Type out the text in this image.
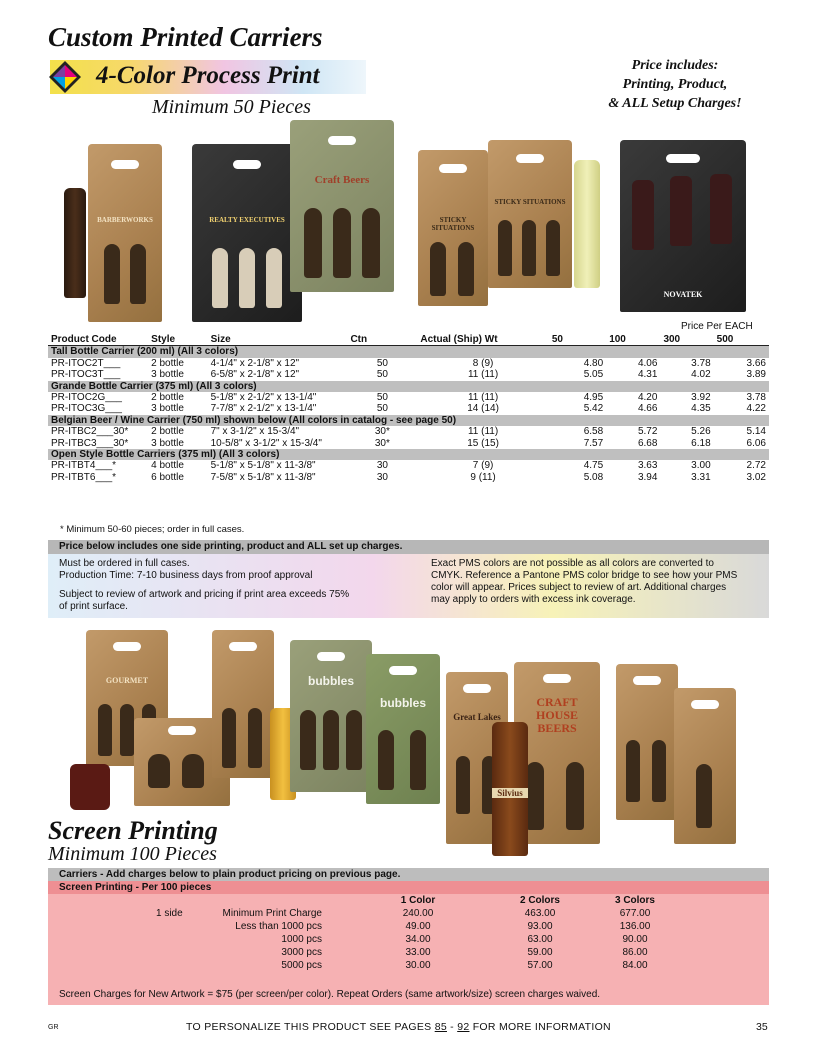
Custom Printed Carriers
4-Color Process Print
Minimum 50 Pieces
Price includes:
Printing, Product,
& ALL Setup Charges!
BARBERWORKS	REALTY EXECUTIVES
Craft Beers
STICKY SITUATIONS
STICKY SITUATIONS
NOVATEK
Price Per EACH
Product Code	Style	Size	Ctn	Actual (Ship) Wt	50	100	300	500
Tall Bottle Carrier (200 ml) (All 3 colors)								
PR-ITOC2T___	2 bottle	4-1/4" x 2-1/8" x 12"	50	8 (9)	4.80	4.06	3.78	3.66
PR-ITOC3T___	3 bottle	6-5/8" x 2-1/8" x 12"	50	11 (11)	5.05	4.31	4.02	3.89
Grande Bottle Carrier (375 ml) (All 3 colors)								
PR-ITOC2G___	2 bottle	5-1/8" x 2-1/2" x 13-1/4"	50	11 (11)	4.95	4.20	3.92	3.78
PR-ITOC3G___	3 bottle	7-7/8" x 2-1/2" x 13-1/4"	50	14 (14)	5.42	4.66	4.35	4.22
Belgian Beer / Wine Carrier (750 ml) shown below (All colors in catalog - see page 50)								
PR-ITBC2___30*	2 bottle	7" x 3-1/2" x 15-3/4"	30*	11 (11)	6.58	5.72	5.26	5.14
PR-ITBC3___30*	3 bottle	10-5/8" x 3-1/2" x 15-3/4"	30*	15 (15)	7.57	6.68	6.18	6.06
Open Style Bottle Carriers (375 ml) (All 3 colors)								
PR-ITBT4___*	4 bottle	5-1/8" x 5-1/8" x 11-3/8"	30	7 (9)	4.75	3.63	3.00	2.72
PR-ITBT6___*	6 bottle	7-5/8" x 5-1/8" x 11-3/8"	30	9 (11)	5.08	3.94	3.31	3.02
* Minimum 50-60 pieces; order in full cases.
Price below includes one side printing, product and ALL set up charges.
Must be ordered in full cases.
Production Time: 7-10 business days from proof approval
Subject to review of artwork and pricing if print area exceeds 75%
of print surface.
Exact PMS colors are not possible as all colors are converted to
CMYK. Reference a Pantone PMS color bridge to see how your PMS
color will appear. Prices subject to review of art. Additional charges
may apply to orders with excess ink coverage.
GOURMET	bubbles
bubbles
Great Lakes
CRAFT HOUSE BEERS
Silvius
Screen Printing
Minimum 100 Pieces
Carriers - Add charges below to plain product pricing on previous page.
Screen Printing - Per 100 pieces
1 Color	2 Colors	3 Colors
1 side	Minimum Print Charge	240.00	463.00	677.00
Less than 1000 pcs	49.00	93.00	136.00
1000 pcs	34.00	63.00	90.00
3000 pcs	33.00	59.00	86.00
5000 pcs	30.00	57.00	84.00
Screen Charges for New Artwork = $75 (per screen/per color). Repeat Orders (same artwork/size) screen charges waived.
GR	TO PERSONALIZE THIS PRODUCT SEE PAGES 85 - 92 FOR MORE INFORMATION	35
